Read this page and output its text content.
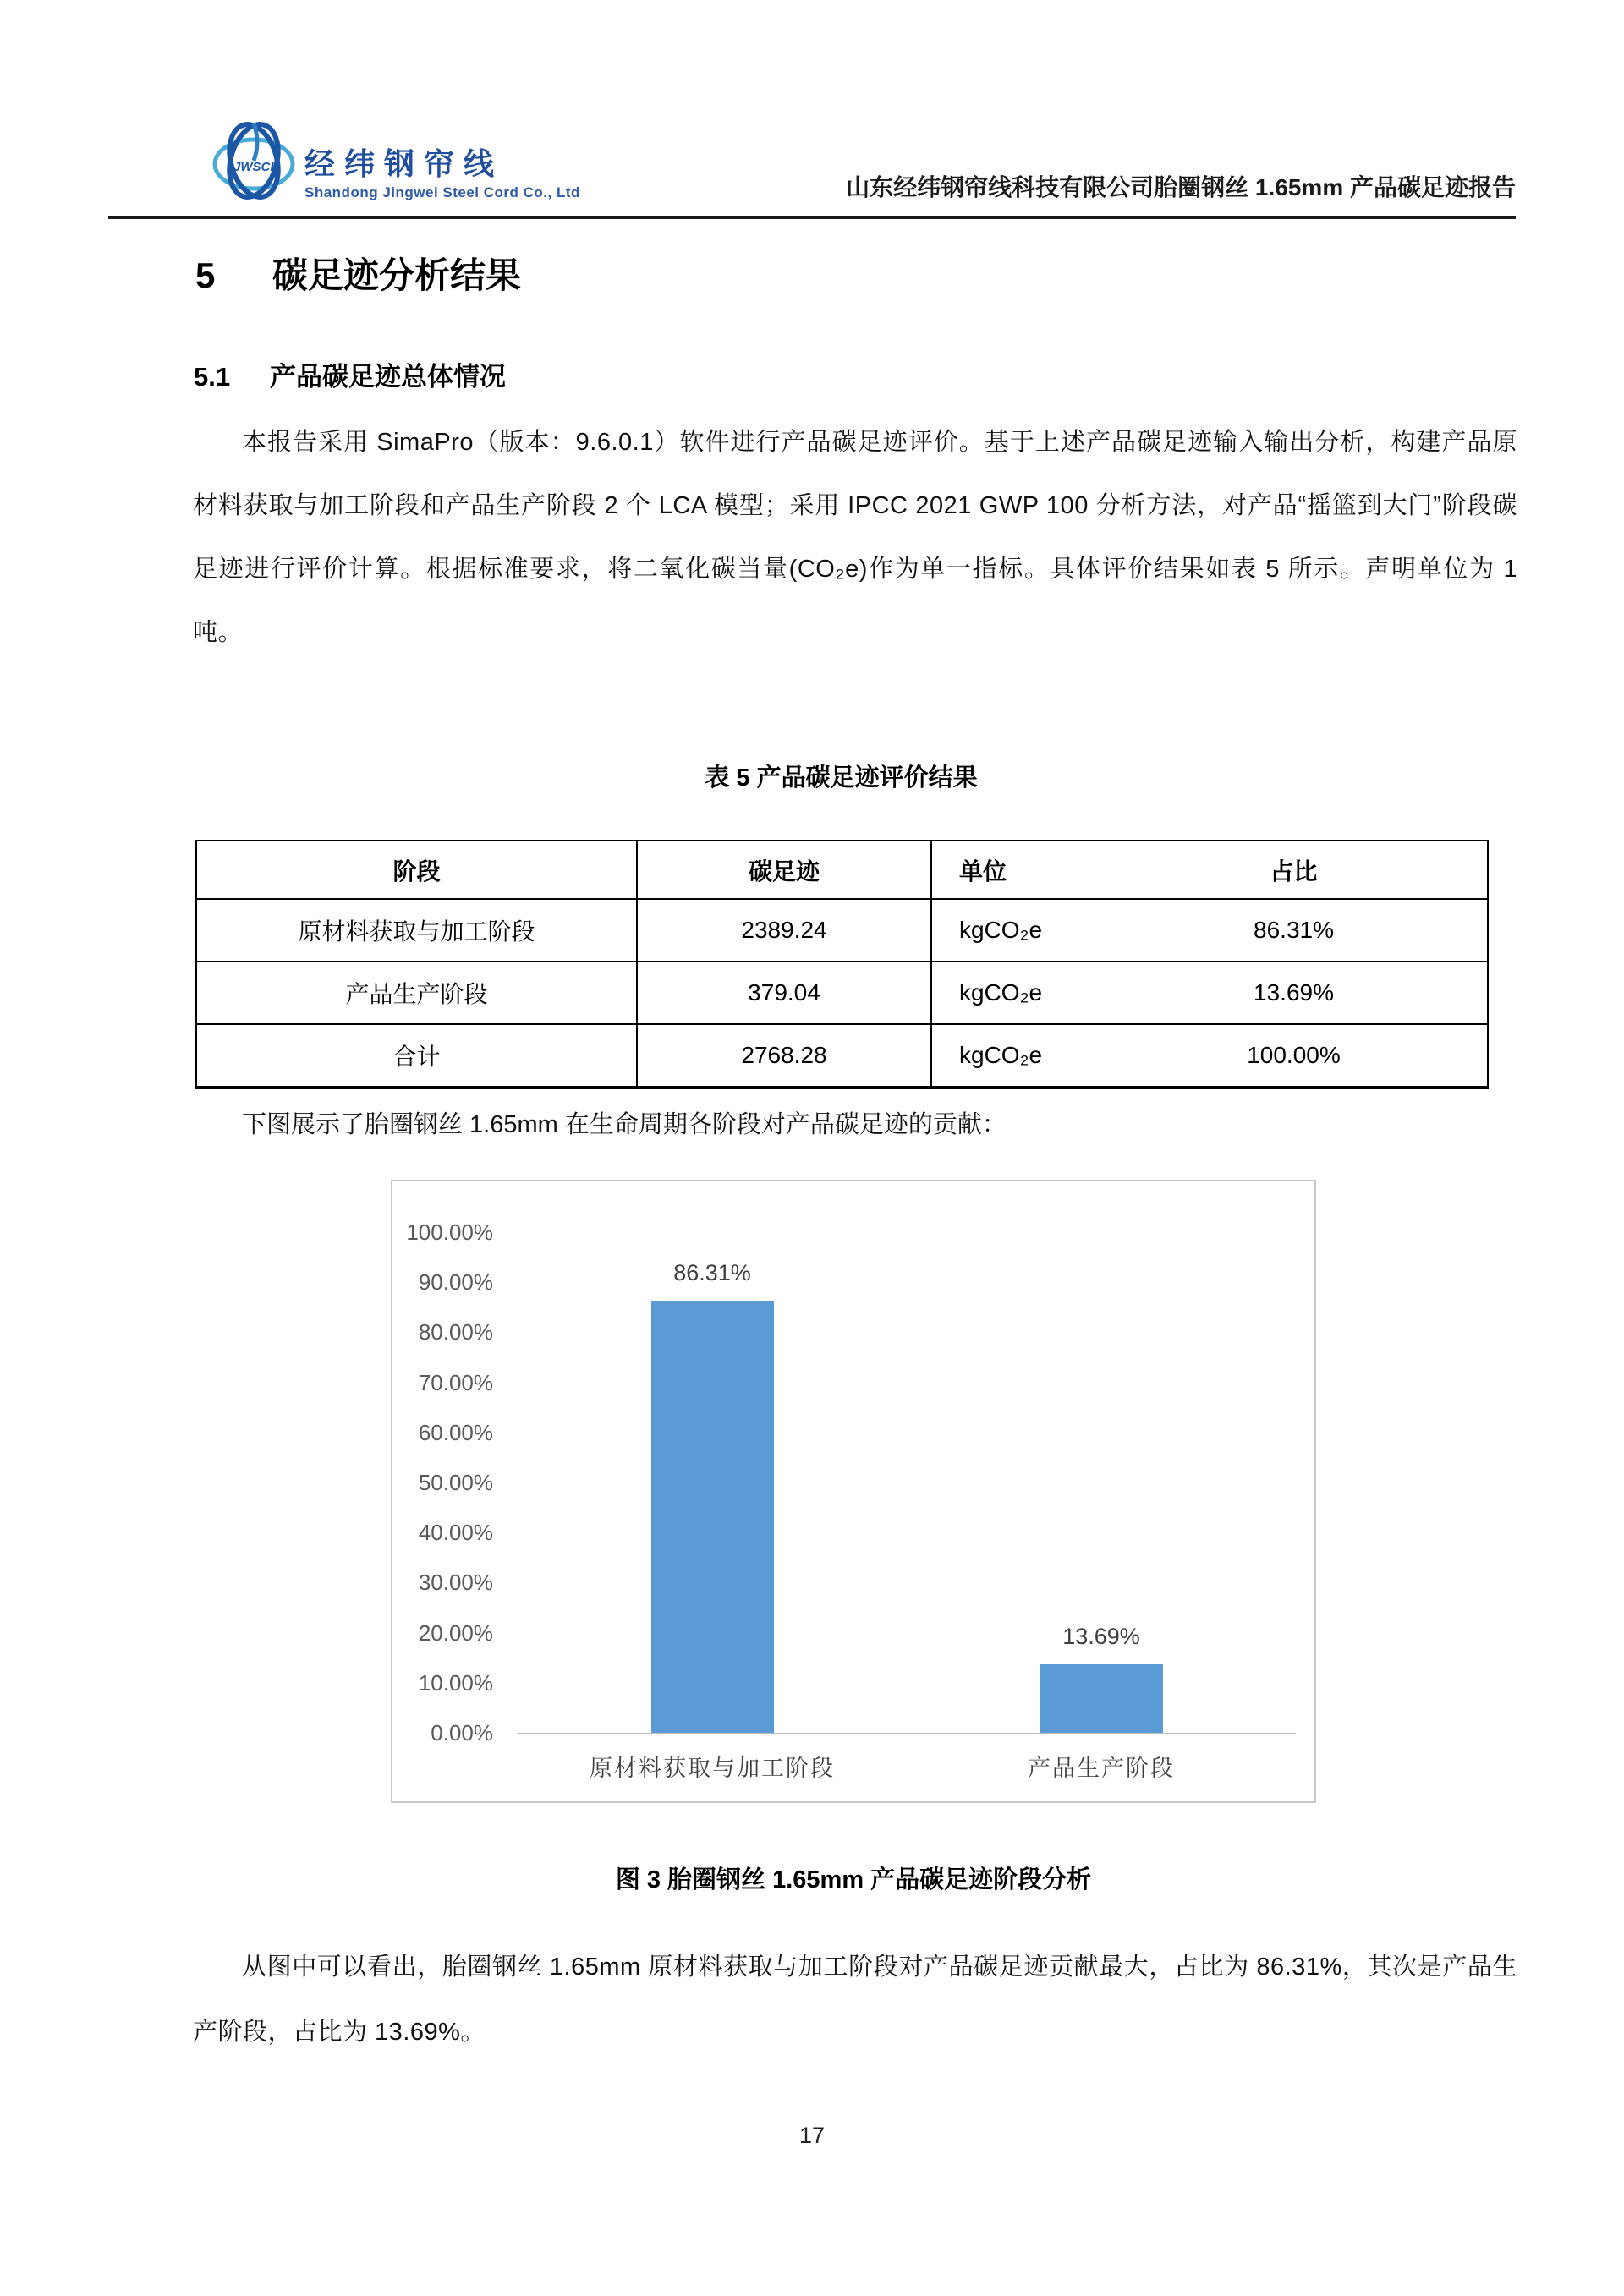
JWSCI 经纬钢帘线
Shandong Jingwei Steel Cord Co., Ltd	山东经纬钢帘线科技有限公司胎圈钢丝 1.65mm 产品碳足迹报告
5 碳足迹分析结果
5.1 产品碳足迹总体情况
本报告采用 SimaPro（版本：9.6.0.1）软件进行产品碳足迹评价。基于上述产品碳足迹输入输出分析，构建产品原材料获取与加工阶段和产品生产阶段 2 个 LCA 模型；采用 IPCC 2021 GWP 100 分析方法，对产品“摇篮到大门”阶段碳足迹进行评价计算。根据标准要求，将二氧化碳当量(CO₂e)作为单一指标。具体评价结果如表 5 所示。声明单位为 1 吨。
表 5 产品碳足迹评价结果
阶段	碳足迹	单位	占比
原材料获取与加工阶段	2389.24	kgCO₂e	86.31%
产品生产阶段	379.04	kgCO₂e	13.69%
合计	2768.28	kgCO₂e	100.00%
下图展示了胎圈钢丝 1.65mm 在生命周期各阶段对产品碳足迹的贡献：
100.00%
90.00%
80.00%
70.00%
60.00%
50.00%
40.00%
30.00%
20.00%
10.00%
0.00%
86.31%
原材料获取与加工阶段
13.69%
产品生产阶段
图 3 胎圈钢丝 1.65mm 产品碳足迹阶段分析
从图中可以看出，胎圈钢丝 1.65mm 原材料获取与加工阶段对产品碳足迹贡献最大，占比为 86.31%，其次是产品生产阶段，占比为 13.69%。
17
